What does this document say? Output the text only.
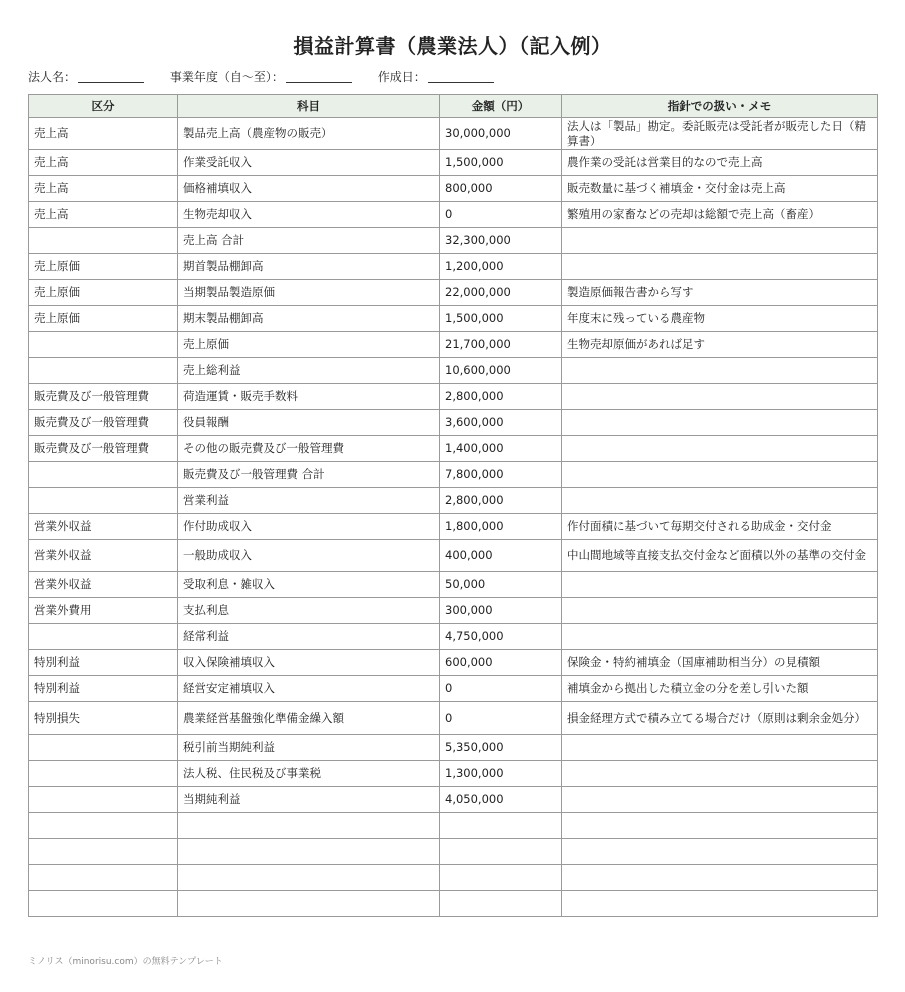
損益計算書（農業法人）（記入例）
法人名：	事業年度（自〜至）：	作成日：
区分	科目	金額（円）	指針での扱い・メモ
売上高	製品売上高（農産物の販売）	30,000,000	法人は「製品」勘定。委託販売は受託者が販売した日（精算書）
売上高	作業受託収入	1,500,000	農作業の受託は営業目的なので売上高
売上高	価格補填収入	800,000	販売数量に基づく補填金・交付金は売上高
売上高	生物売却収入	0	繁殖用の家畜などの売却は総額で売上高（畜産）
	売上高 合計	32,300,000	
売上原価	期首製品棚卸高	1,200,000	
売上原価	当期製品製造原価	22,000,000	製造原価報告書から写す
売上原価	期末製品棚卸高	1,500,000	年度末に残っている農産物
	売上原価	21,700,000	生物売却原価があれば足す
	売上総利益	10,600,000	
販売費及び一般管理費	荷造運賃・販売手数料	2,800,000	
販売費及び一般管理費	役員報酬	3,600,000	
販売費及び一般管理費	その他の販売費及び一般管理費	1,400,000	
	販売費及び一般管理費 合計	7,800,000	
	営業利益	2,800,000	
営業外収益	作付助成収入	1,800,000	作付面積に基づいて毎期交付される助成金・交付金
営業外収益	一般助成収入	400,000	中山間地域等直接支払交付金など面積以外の基準の交付金
営業外収益	受取利息・雑収入	50,000	
営業外費用	支払利息	300,000	
	経常利益	4,750,000	
特別利益	収入保険補填収入	600,000	保険金・特約補填金（国庫補助相当分）の見積額
特別利益	経営安定補填収入	0	補填金から拠出した積立金の分を差し引いた額
特別損失	農業経営基盤強化準備金繰入額	0	損金経理方式で積み立てる場合だけ（原則は剰余金処分）
	税引前当期純利益	5,350,000	
	法人税、住民税及び事業税	1,300,000	
	当期純利益	4,050,000	

ミノリス（minorisu.com）の無料テンプレート
